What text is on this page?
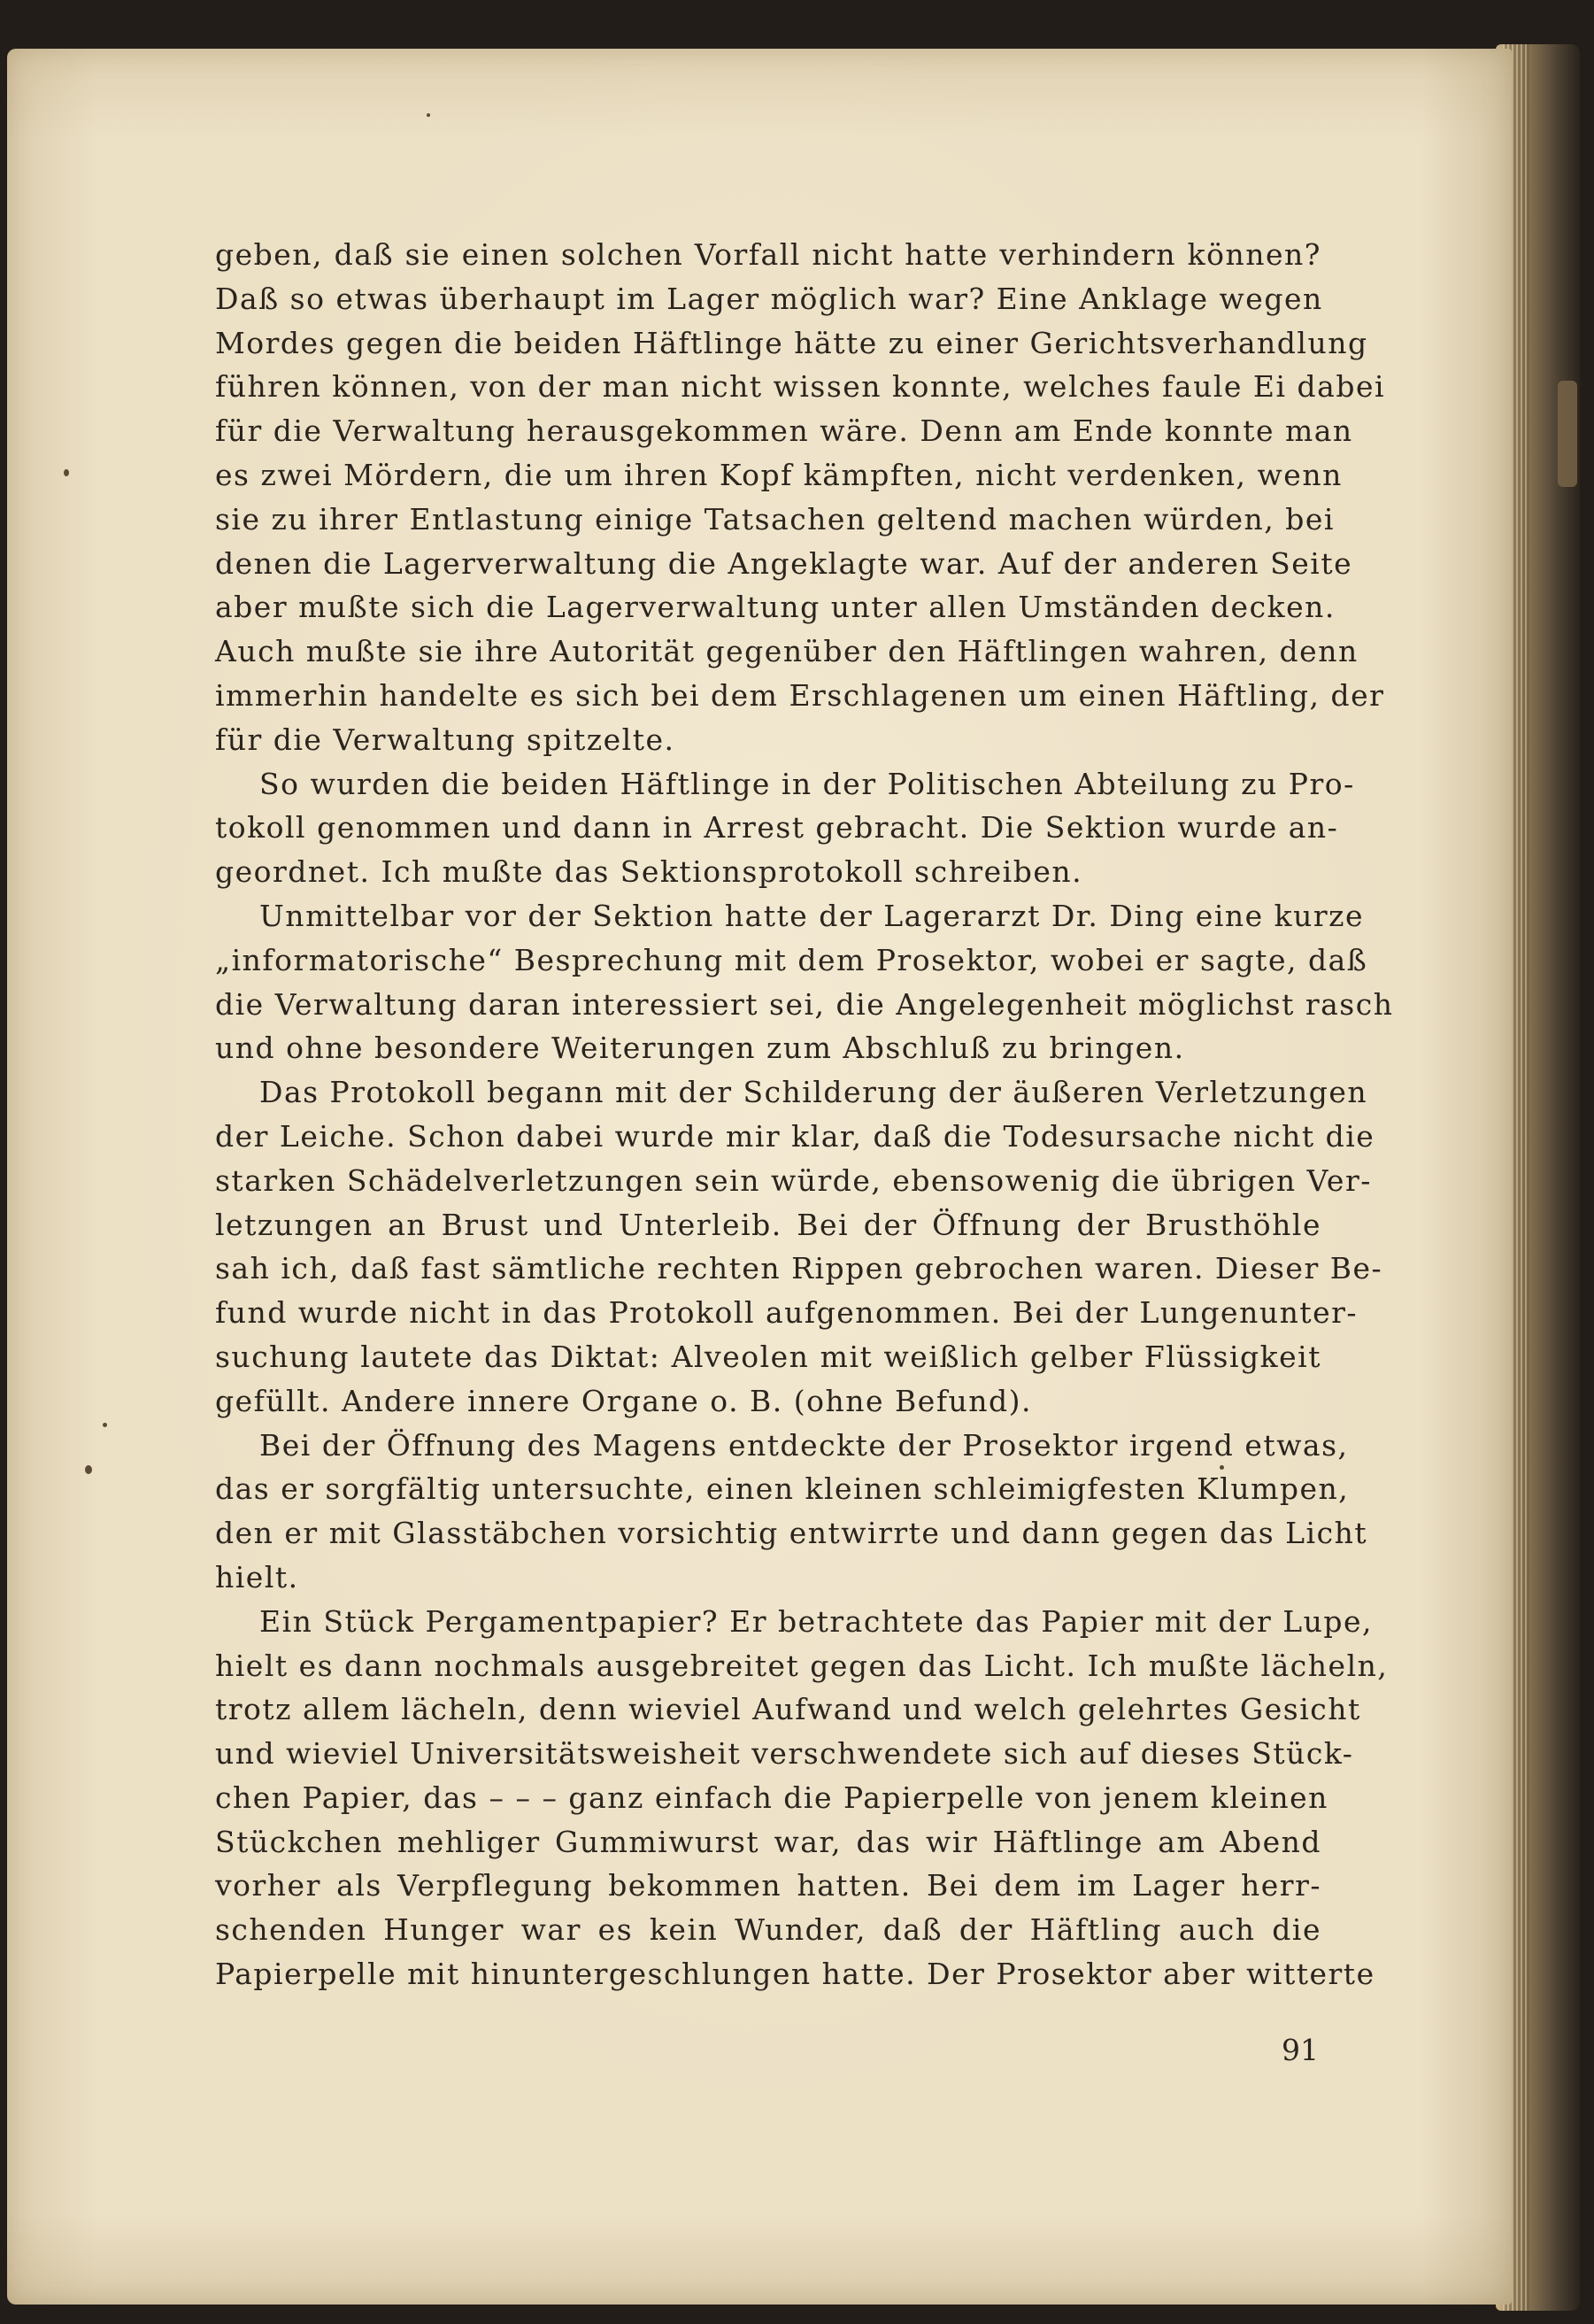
geben, daß sie einen solchen Vorfall nicht hatte verhindern können?
Daß so etwas überhaupt im Lager möglich war? Eine Anklage wegen
Mordes gegen die beiden Häftlinge hätte zu einer Gerichtsverhandlung
führen können, von der man nicht wissen konnte, welches faule Ei dabei
für die Verwaltung herausgekommen wäre. Denn am Ende konnte man
es zwei Mördern, die um ihren Kopf kämpften, nicht verdenken, wenn
sie zu ihrer Entlastung einige Tatsachen geltend machen würden, bei
denen die Lagerverwaltung die Angeklagte war. Auf der anderen Seite
aber mußte sich die Lagerverwaltung unter allen Umständen decken.
Auch mußte sie ihre Autorität gegenüber den Häftlingen wahren, denn
immerhin handelte es sich bei dem Erschlagenen um einen Häftling, der
für die Verwaltung spitzelte.
So wurden die beiden Häftlinge in der Politischen Abteilung zu Pro-
tokoll genommen und dann in Arrest gebracht. Die Sektion wurde an-
geordnet. Ich mußte das Sektionsprotokoll schreiben.
Unmittelbar vor der Sektion hatte der Lagerarzt Dr. Ding eine kurze
„informatorische“ Besprechung mit dem Prosektor, wobei er sagte, daß
die Verwaltung daran interessiert sei, die Angelegenheit möglichst rasch
und ohne besondere Weiterungen zum Abschluß zu bringen.
Das Protokoll begann mit der Schilderung der äußeren Verletzungen
der Leiche. Schon dabei wurde mir klar, daß die Todesursache nicht die
starken Schädelverletzungen sein würde, ebensowenig die übrigen Ver-
letzungen an Brust und Unterleib. Bei der Öffnung der Brusthöhle
sah ich, daß fast sämtliche rechten Rippen gebrochen waren. Dieser Be-
fund wurde nicht in das Protokoll aufgenommen. Bei der Lungenunter-
suchung lautete das Diktat: Alveolen mit weißlich gelber Flüssigkeit
gefüllt. Andere innere Organe o. B. (ohne Befund).
Bei der Öffnung des Magens entdeckte der Prosektor irgend etwas,
das er sorgfältig untersuchte, einen kleinen schleimigfesten Klumpen,
den er mit Glasstäbchen vorsichtig entwirrte und dann gegen das Licht
hielt.
Ein Stück Pergamentpapier? Er betrachtete das Papier mit der Lupe,
hielt es dann nochmals ausgebreitet gegen das Licht. Ich mußte lächeln,
trotz allem lächeln, denn wieviel Aufwand und welch gelehrtes Gesicht
und wieviel Universitätsweisheit verschwendete sich auf dieses Stück-
chen Papier, das – – – ganz einfach die Papierpelle von jenem kleinen
Stückchen mehliger Gummiwurst war, das wir Häftlinge am Abend
vorher als Verpflegung bekommen hatten. Bei dem im Lager herr-
schenden Hunger war es kein Wunder, daß der Häftling auch die
Papierpelle mit hinuntergeschlungen hatte. Der Prosektor aber witterte
91
